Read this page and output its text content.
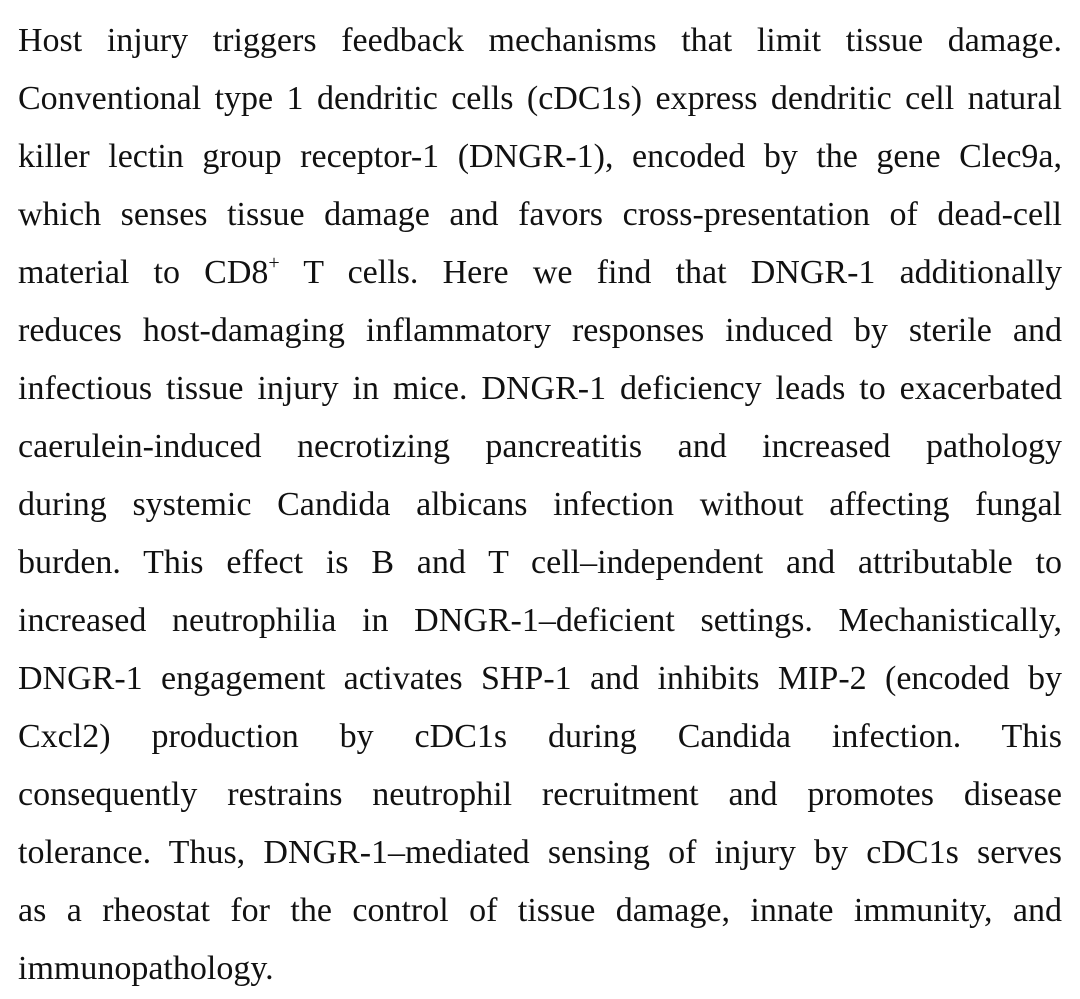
Host injury triggers feedback mechanisms that limit tissue damage.
Conventional type 1 dendritic cells (cDC1s) express dendritic cell natural
killer lectin group receptor-1 (DNGR-1), encoded by the gene Clec9a,
which senses tissue damage and favors cross-presentation of dead-cell
material to CD8+ T cells. Here we find that DNGR-1 additionally
reduces host-damaging inflammatory responses induced by sterile and
infectious tissue injury in mice. DNGR-1 deficiency leads to exacerbated
caerulein-induced necrotizing pancreatitis and increased pathology
during systemic Candida albicans infection without affecting fungal
burden. This effect is B and T cell–independent and attributable to
increased neutrophilia in DNGR-1–deficient settings. Mechanistically,
DNGR-1 engagement activates SHP-1 and inhibits MIP-2 (encoded by
Cxcl2) production by cDC1s during Candida infection. This
consequently restrains neutrophil recruitment and promotes disease
tolerance. Thus, DNGR-1–mediated sensing of injury by cDC1s serves
as a rheostat for the control of tissue damage, innate immunity, and
immunopathology.
